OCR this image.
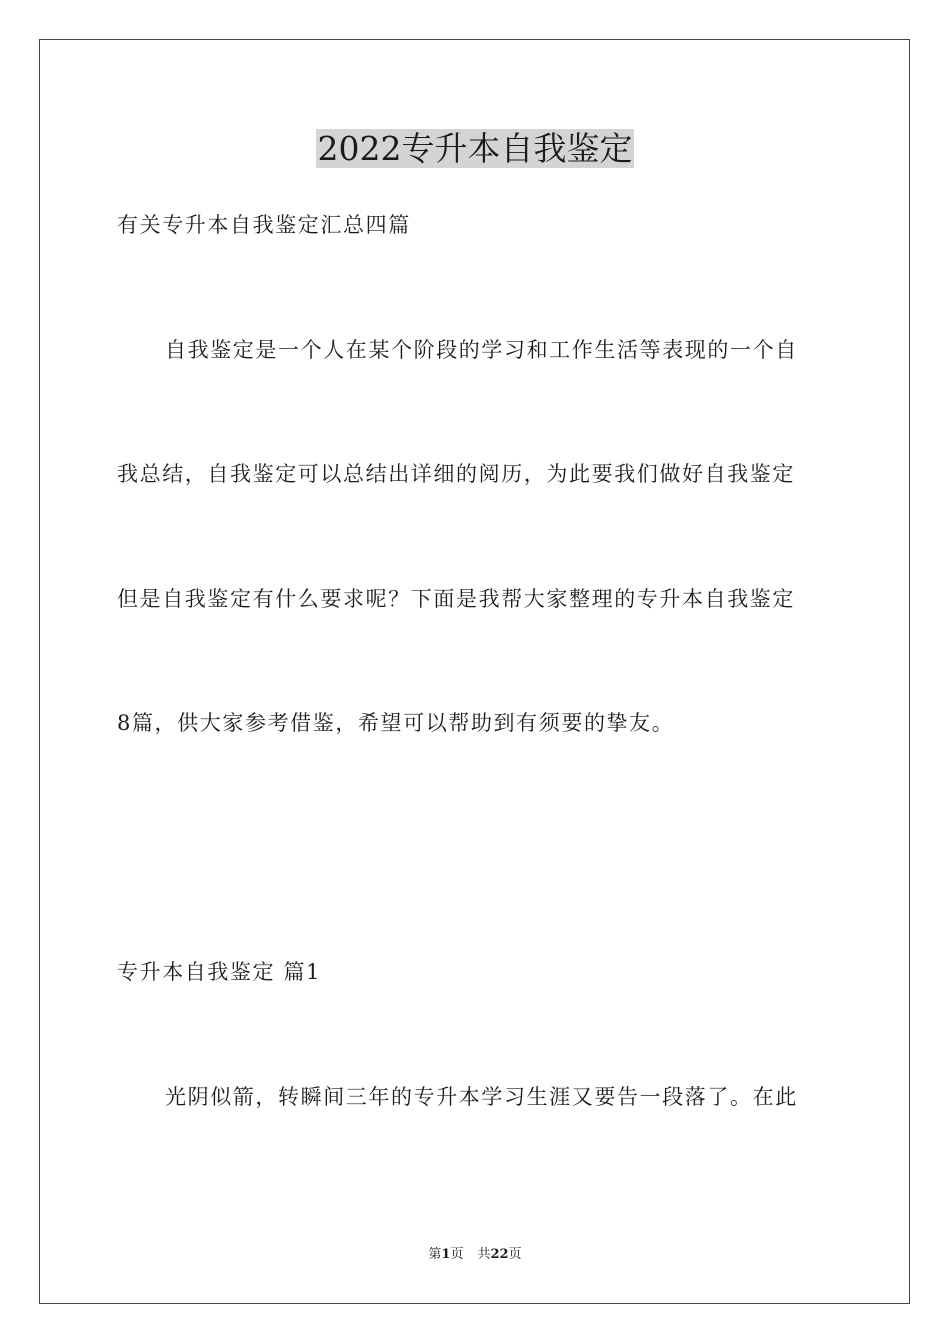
2022专升本自我鉴定
有关专升本自我鉴定汇总四篇
自我鉴定是一个人在某个阶段的学习和工作生活等表现的一个自
我总结，自我鉴定可以总结出详细的阅历，为此要我们做好自我鉴定
但是自我鉴定有什么要求呢？下面是我帮大家整理的专升本自我鉴定
8篇，供大家参考借鉴，希望可以帮助到有须要的挚友。
专升本自我鉴定 篇1
光阴似箭，转瞬间三年的专升本学习生涯又要告一段落了。在此
第1页 共22页
